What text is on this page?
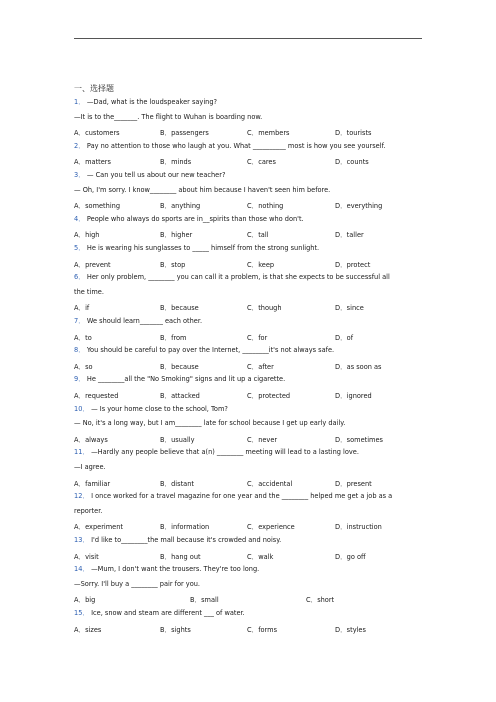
一、选择题
1． —Dad, what is the loudspeaker saying?
—It is to the_______. The flight to Wuhan is boarding now.
A．customers	B．passengers	C．members	D．tourists
2． Pay no attention to those who laugh at you. What __________ most is how you see yourself.
A．matters	B．minds	C．cares	D．counts
3． — Can you tell us about our new teacher?
— Oh, I'm sorry. I know________ about him because I haven't seen him before.
A．something	B．anything	C．nothing	D．everything
4． People who always do sports are in__spirits than those who don't.
A．high	B．higher	C．tall	D．taller
5． He is wearing his sunglasses to _____ himself from the strong sunlight.
A．prevent	B．stop	C．keep	D．protect
6． Her only problem, ________ you can call it a problem, is that she expects to be successful all
the time.
A．if	B．because	C．though	D．since
7． We should learn_______ each other.
A．to	B．from	C．for	D．of
8． You should be careful to pay over the Internet, ________it's not always safe.
A．so	B．because	C．after	D．as soon as
9． He ________all the "No Smoking" signs and lit up a cigarette.
A．requested	B．attacked	C．protected	D．ignored
10． — Is your home close to the school, Tom?
— No, it's a long way, but I am________ late for school because I get up early daily.
A．always	B．usually	C．never	D．sometimes
11． —Hardly any people believe that a(n) ________ meeting will lead to a lasting love.
—I agree.
A．familiar	B．distant	C．accidental	D．present
12． I once worked for a travel magazine for one year and the ________ helped me get a job as a
reporter.
A．experiment	B．information	C．experience	D．instruction
13． I'd like to________the mall because it's crowded and noisy.
A．visit	B．hang out	C．walk	D．go off
14． —Mum, I don't want the trousers. They're too long.
—Sorry. I'll buy a ________ pair for you.
A．big	B．small	C．short
15． Ice, snow and steam are different ___ of water.
A．sizes	B．sights	C．forms	D．styles
